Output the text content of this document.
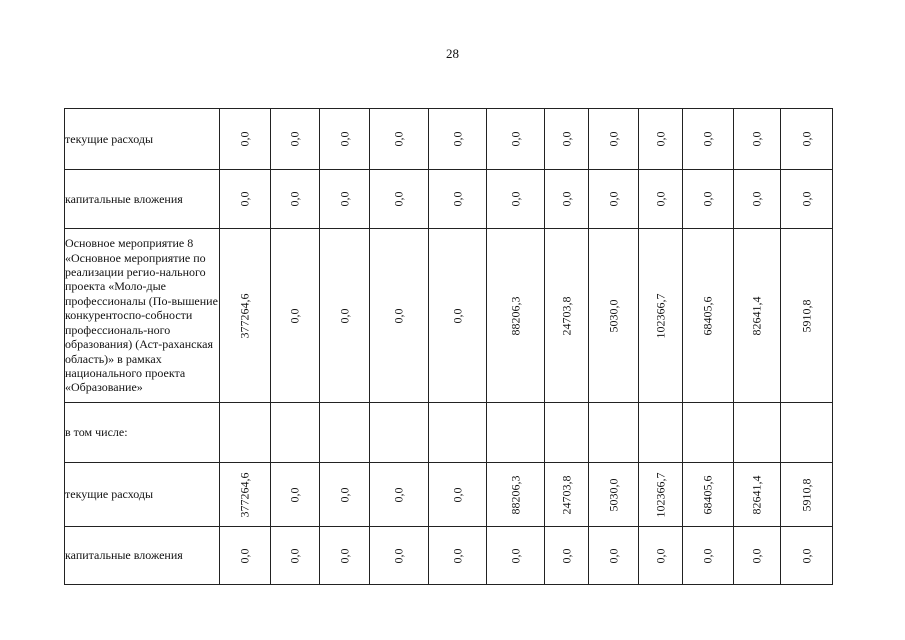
28
текущие расходы	0,0	0,0	0,0	0,0	0,0	0,0	0,0	0,0	0,0	0,0	0,0	0,0

капитальные вложения	0,0	0,0	0,0	0,0	0,0	0,0	0,0	0,0	0,0	0,0	0,0	0,0

Основное мероприятие 8 «Основное мероприятие по реализации регио-нального проекта «Моло-дые профессионалы (По-вышение конкурентоспо-собности профессиональ-ного образования) (Аст-раханская область)» в рамках национального проекта «Образование»	377264,6	0,0	0,0	0,0	0,0	88206,3	24703,8	5030,0	102366,7	68405,6	82641,4	5910,8

в том числе:	

текущие расходы	377264,6	0,0	0,0	0,0	0,0	88206,3	24703,8	5030,0	102366,7	68405,6	82641,4	5910,8

капитальные вложения	0,0	0,0	0,0	0,0	0,0	0,0	0,0	0,0	0,0	0,0	0,0	0,0
